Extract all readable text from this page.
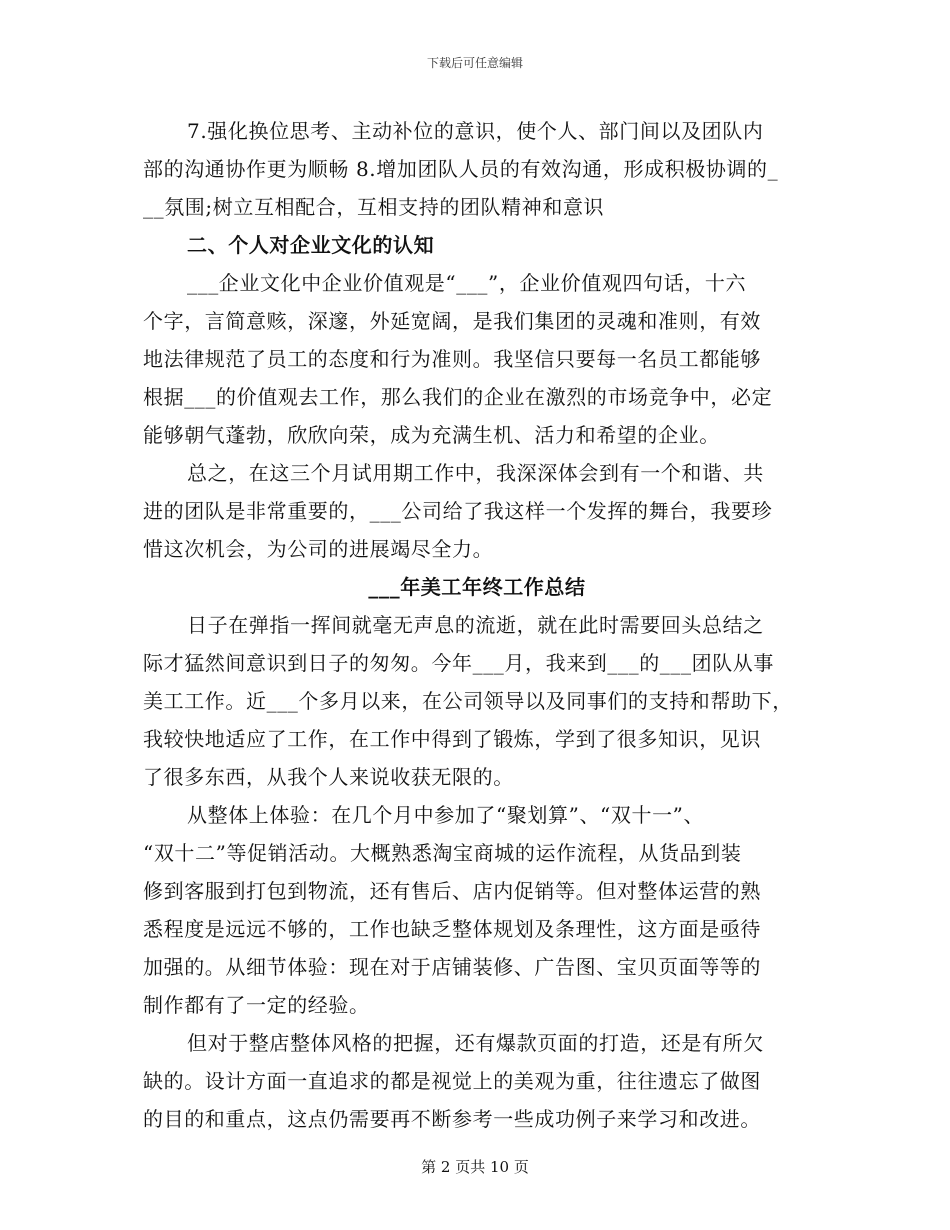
下载后可任意编辑
7.强化换位思考、主动补位的意识，使个人、部门间以及团队内
部的沟通协作更为顺畅 8.增加团队人员的有效沟通，形成积极协调的_
__氛围;树立互相配合，互相支持的团队精神和意识
二、个人对企业文化的认知
___企业文化中企业价值观是“___”，企业价值观四句话，十六
个字，言简意赅，深邃，外延宽阔，是我们集团的灵魂和准则，有效
地法律规范了员工的态度和行为准则。我坚信只要每一名员工都能够
根据___的价值观去工作，那么我们的企业在激烈的市场竞争中，必定
能够朝气蓬勃，欣欣向荣，成为充满生机、活力和希望的企业。
总之，在这三个月试用期工作中，我深深体会到有一个和谐、共
进的团队是非常重要的，___公司给了我这样一个发挥的舞台，我要珍
惜这次机会，为公司的进展竭尽全力。
___年美工年终工作总结
日子在弹指一挥间就毫无声息的流逝，就在此时需要回头总结之
际才猛然间意识到日子的匆匆。今年___月，我来到___的___团队从事
美工工作。近___个多月以来，在公司领导以及同事们的支持和帮助下，
我较快地适应了工作，在工作中得到了锻炼，学到了很多知识，见识
了很多东西，从我个人来说收获无限的。
从整体上体验：在几个月中参加了“聚划算”、“双十一”、
“双十二”等促销活动。大概熟悉淘宝商城的运作流程，从货品到装
修到客服到打包到物流，还有售后、店内促销等。但对整体运营的熟
悉程度是远远不够的，工作也缺乏整体规划及条理性，这方面是亟待
加强的。从细节体验：现在对于店铺装修、广告图、宝贝页面等等的
制作都有了一定的经验。
但对于整店整体风格的把握，还有爆款页面的打造，还是有所欠
缺的。设计方面一直追求的都是视觉上的美观为重，往往遗忘了做图
的目的和重点，这点仍需要再不断参考一些成功例子来学习和改进。
第 2 页共 10 页
